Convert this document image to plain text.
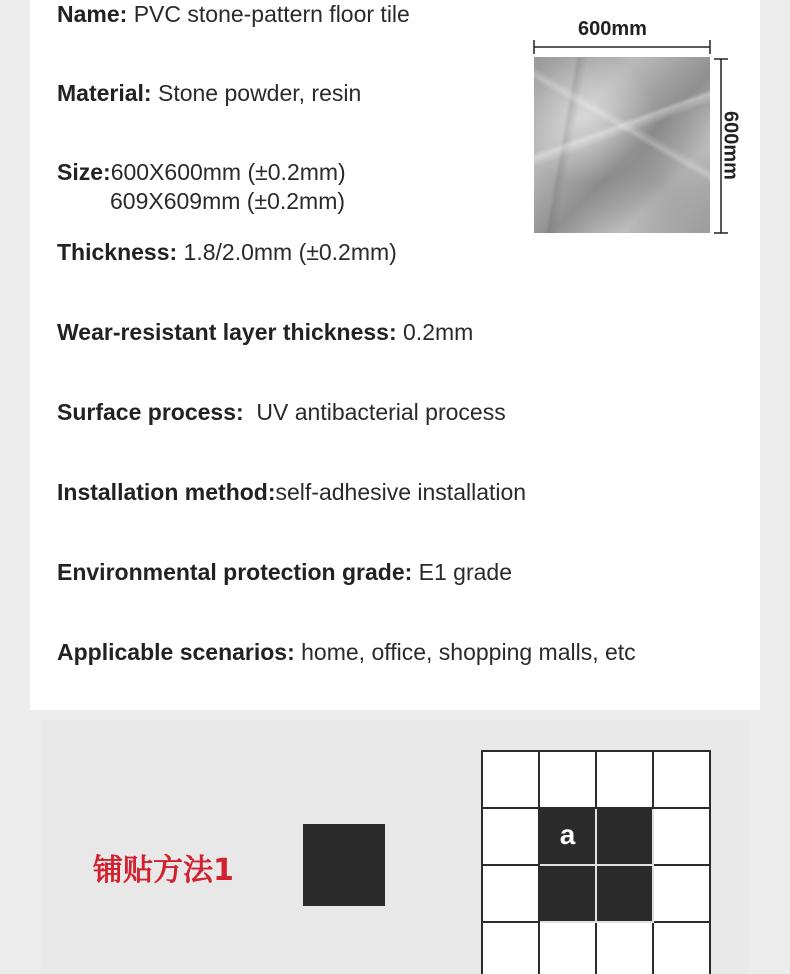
Name: PVC stone-pattern floor tile
Material: Stone powder, resin
Size:600X600mm (±0.2mm)
609X609mm (±0.2mm)
Thickness: 1.8/2.0mm (±0.2mm)
Wear-resistant layer thickness: 0.2mm
Surface process:  UV antibacterial process
Installation method:self-adhesive installation
Environmental protection grade: E1 grade
Applicable scenarios: home, office, shopping malls, etc
600mm
600mm
铺贴方法1
a
